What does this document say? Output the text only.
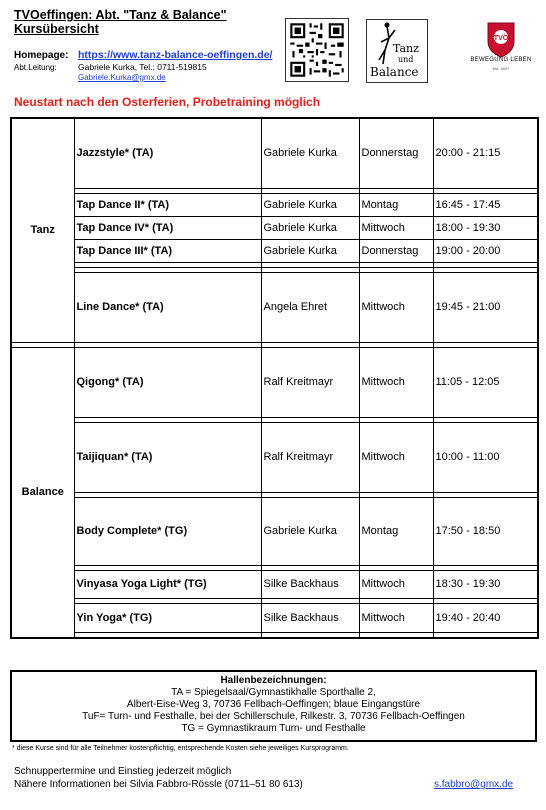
TVOeffingen: Abt. "Tanz & Balance"
Kursübersicht
Homepage: https://www.tanz-balance-oeffingen.de/
Abt.Leitung:	Gabriele Kurka, Tel.: 0711-519815
Gabriele.Kurka@gmx.de
Tanz
und
Balance
TVÖ
BEWEGUNG LEBEN
est. 1897
Neustart nach den Osterferien, Probetraining möglich
Tanz	Jazzstyle* (TA)	Gabriele Kurka	Donnerstag	20:00 - 21:15

	Tap Dance II* (TA)	Gabriele Kurka	Montag	16:45 - 17:45
	Tap Dance IV* (TA)	Gabriele Kurka	Mittwoch	18:00 - 19:30
	Tap Dance III* (TA)	Gabriele Kurka	Donnerstag	19:00 - 20:00

	Line Dance* (TA)	Angela Ehret	Mittwoch	19:45 - 21:00

Balance	Qigong* (TA)	Ralf Kreitmayr	Mittwoch	11:05 - 12:05

	Taijiquan* (TA)	Ralf Kreitmayr	Mittwoch	10:00 - 11:00

	Body Complete* (TG)	Gabriele Kurka	Montag	17:50 - 18:50

	Vinyasa Yoga Light* (TG)	Silke Backhaus	Mittwoch	18:30 - 19:30

	Yin Yoga* (TG)	Silke Backhaus	Mittwoch	19:40 - 20:40

Hallenbezeichnungen:
TA = Spiegelsaal/Gymnastikhalle Sporthalle 2,
Albert-Eise-Weg 3, 70736 Fellbach-Oeffingen; blaue Eingangstüre
TuF= Turn- und Festhalle, bei der Schillerschule, Rilkestr. 3, 70736 Fellbach-Oeffingen
TG = Gymnastikraum Turn- und Festhalle
* diese Kurse sind für alle Teilnehmer kostenpflichtig, entsprechende Kosten siehe jeweiliges Kursprogramm.
Schnuppertermine und Einstieg jederzeit möglich
Nähere Informationen bei Silvia Fabbro-Rössle (0711–51 80 613)	s.fabbro@gmx.de
